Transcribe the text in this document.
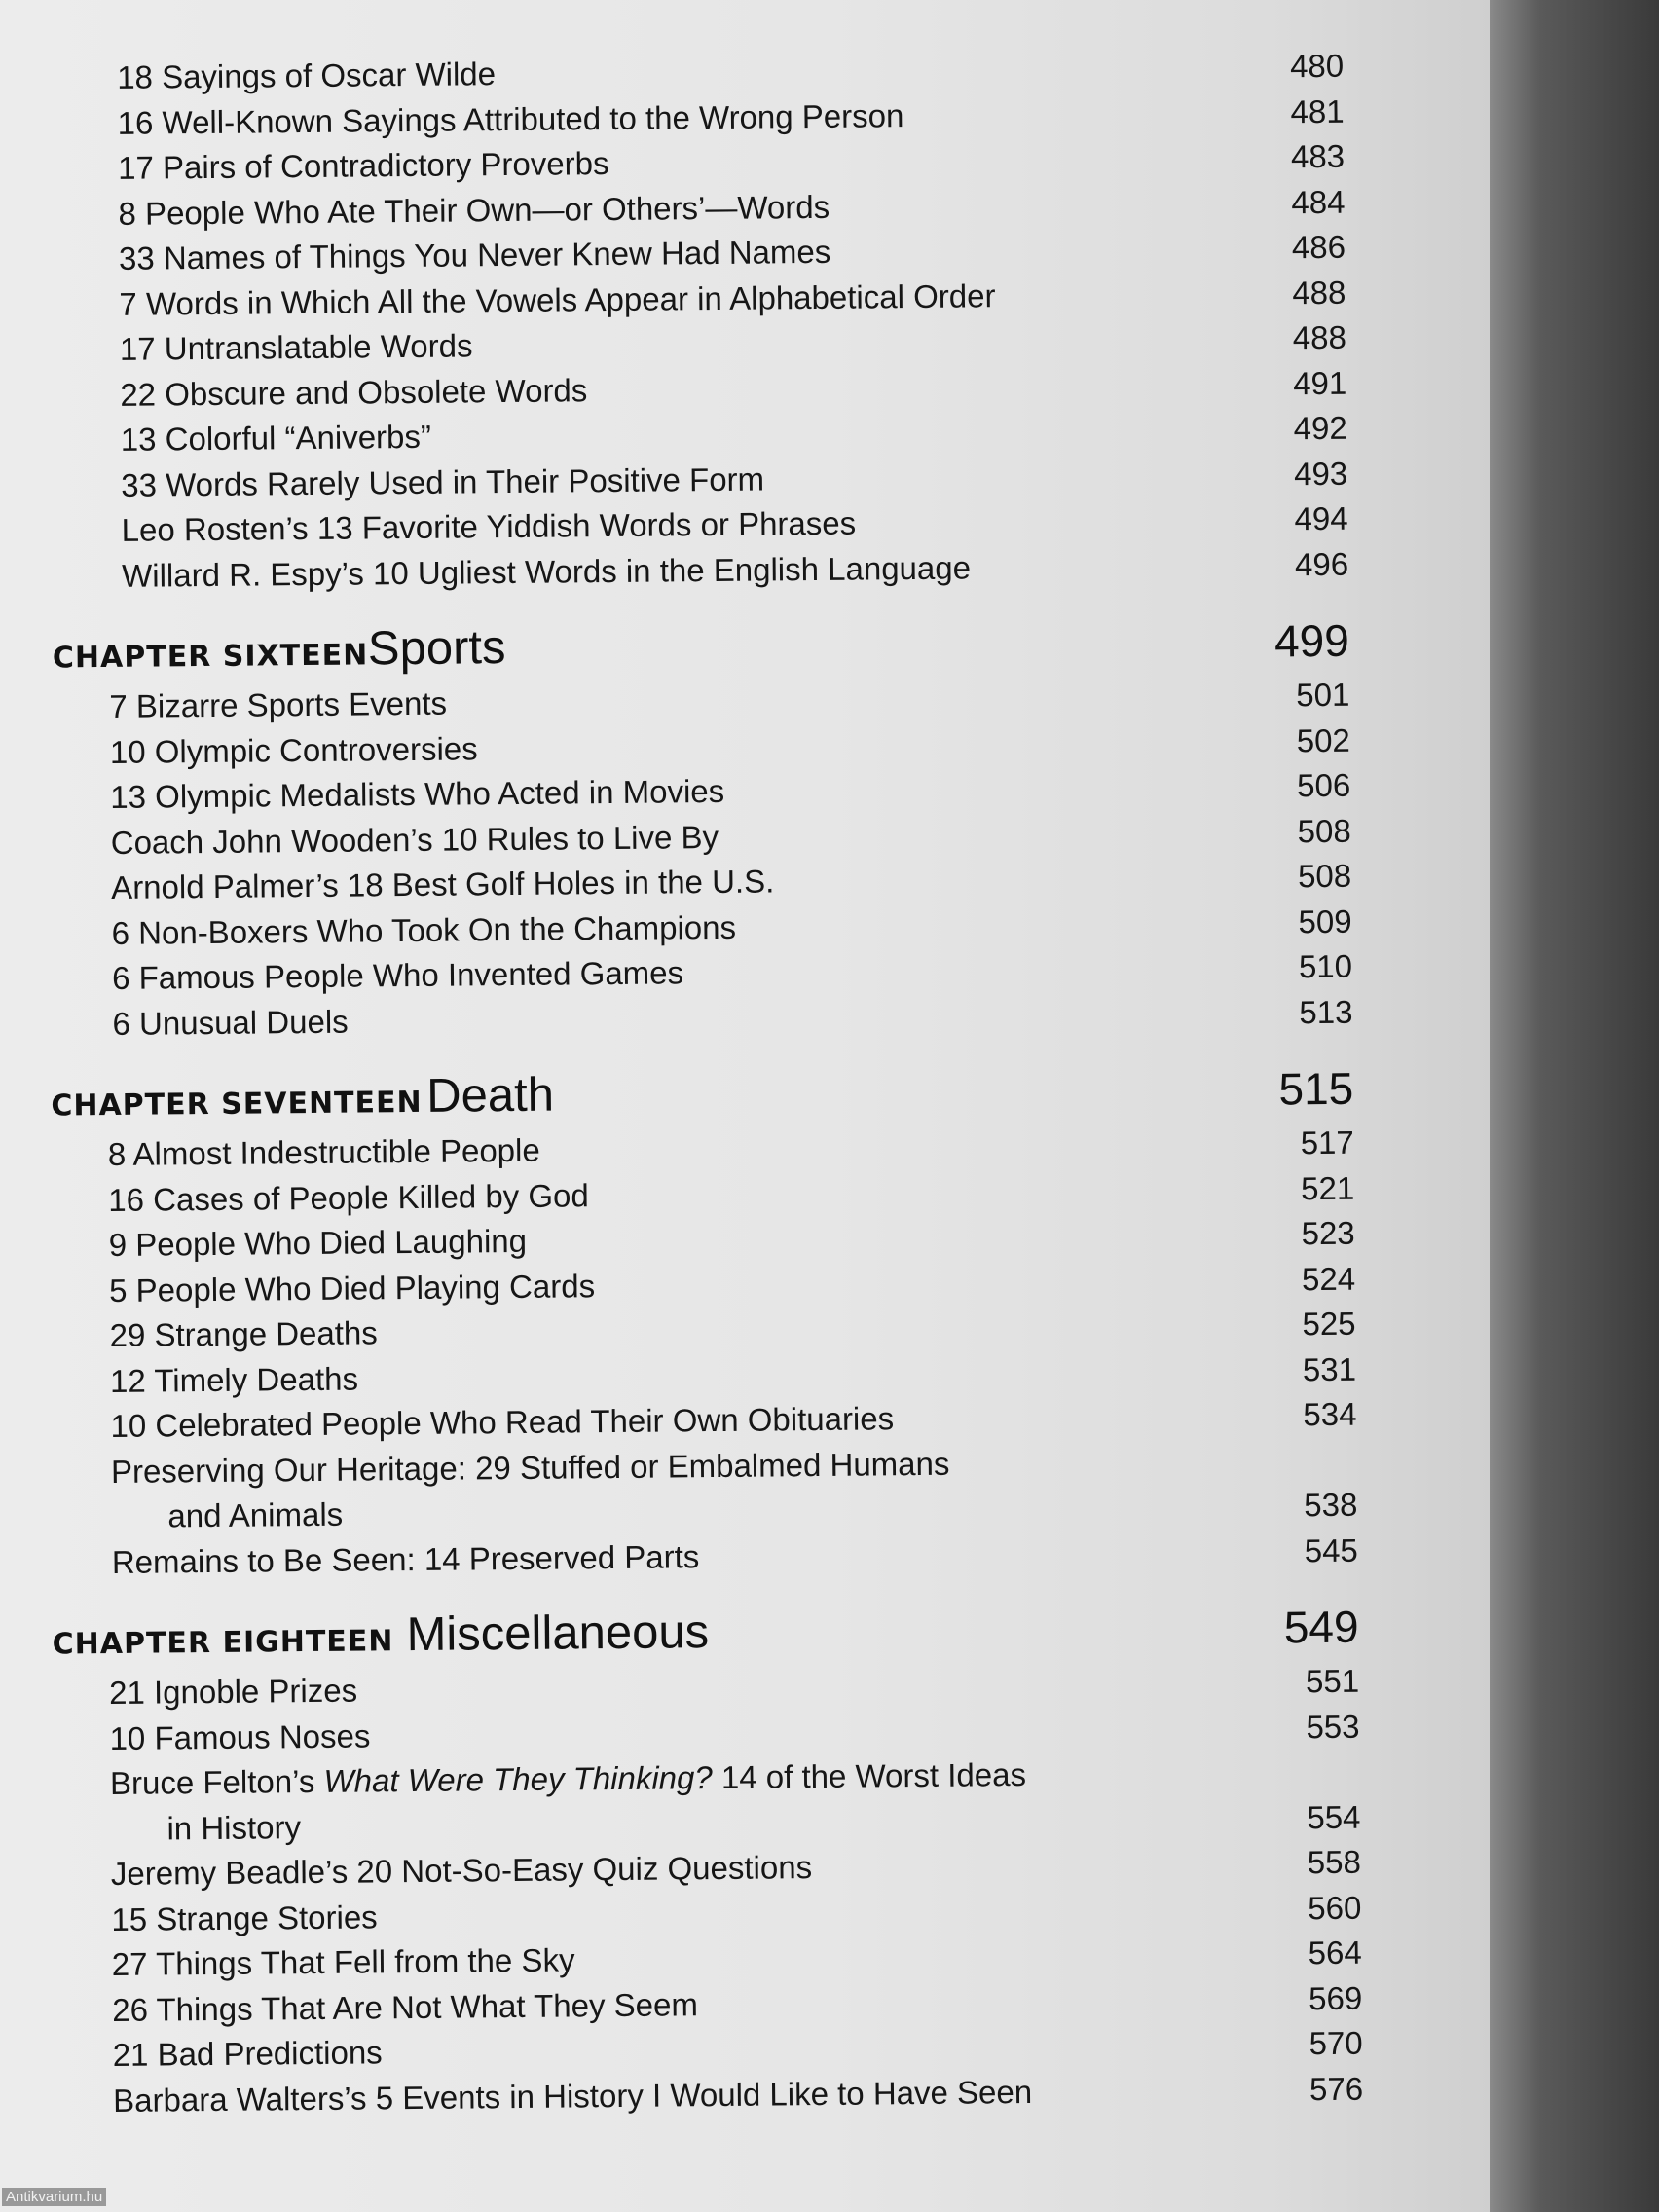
18 Sayings of Oscar Wilde	480
16 Well-Known Sayings Attributed to the Wrong Person	481
17 Pairs of Contradictory Proverbs	483
8 People Who Ate Their Own—or Others’—Words	484
33 Names of Things You Never Knew Had Names	486
7 Words in Which All the Vowels Appear in Alphabetical Order	488
17 Untranslatable Words	488
22 Obscure and Obsolete Words	491
13 Colorful “Aniverbs”	492
33 Words Rarely Used in Their Positive Form	493
Leo Rosten’s 13 Favorite Yiddish Words or Phrases	494
Willard R. Espy’s 10 Ugliest Words in the English Language	496
CHAPTER SIXTEEN Sports	499
7 Bizarre Sports Events	501
10 Olympic Controversies	502
13 Olympic Medalists Who Acted in Movies	506
Coach John Wooden’s 10 Rules to Live By	508
Arnold Palmer’s 18 Best Golf Holes in the U.S.	508
6 Non-Boxers Who Took On the Champions	509
6 Famous People Who Invented Games	510
6 Unusual Duels	513
CHAPTER SEVENTEEN Death	515
8 Almost Indestructible People	517
16 Cases of People Killed by God	521
9 People Who Died Laughing	523
5 People Who Died Playing Cards	524
29 Strange Deaths	525
12 Timely Deaths	531
10 Celebrated People Who Read Their Own Obituaries	534
Preserving Our Heritage: 29 Stuffed or Embalmed Humans
and Animals	538
Remains to Be Seen: 14 Preserved Parts	545
CHAPTER EIGHTEEN Miscellaneous	549
21 Ignoble Prizes	551
10 Famous Noses	553
Bruce Felton’s What Were They Thinking? 14 of the Worst Ideas
in History	554
Jeremy Beadle’s 20 Not-So-Easy Quiz Questions	558
15 Strange Stories	560
27 Things That Fell from the Sky	564
26 Things That Are Not What They Seem	569
21 Bad Predictions	570
Barbara Walters’s 5 Events in History I Would Like to Have Seen	576
Antikvarium.hu
